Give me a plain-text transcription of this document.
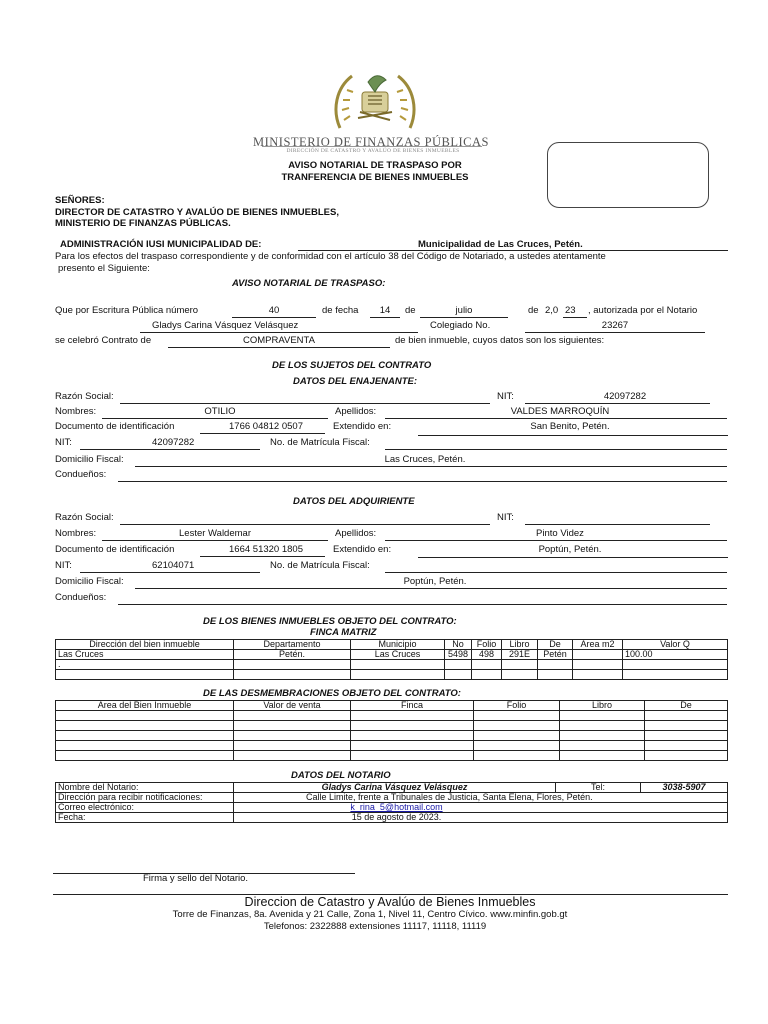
MINISTERIO DE FINANZAS PÚBLICAS
DIRECCIÓN DE CATASTRO Y AVALÚO DE BIENES INMUEBLES
AVISO NOTARIAL DE TRASPASO POR
TRANFERENCIA DE BIENES INMUEBLES
SEÑORES:
DIRECTOR DE CATASTRO Y AVALÚO DE BIENES INMUEBLES,
MINISTERIO DE FINANZAS PÚBLICAS.
ADMINISTRACIÓN IUSI MUNICIPALIDAD DE:	Municipalidad de Las Cruces, Petén.
Para los efectos del traspaso correspondiente y de conformidad con el artículo 38 del Código de Notariado, a ustedes atentamente
presento el Siguiente:
AVISO NOTARIAL DE TRASPASO:
Que por Escritura Pública número	40	de fecha	14	de	julio	de 2,0 23 , autorizada por el Notario
Gladys Carina Vásquez Velásquez	Colegiado No.	23267
se celebró Contrato de	COMPRAVENTA	de bien inmueble, cuyos datos son los siguientes:
DE LOS SUJETOS DEL CONTRATO
DATOS DEL ENAJENANTE:
Razón Social:	NIT:	42097282
Nombres:	OTILIO	Apellidos:	VALDES MARROQUÍN
Documento de identificación	1766 04812 0507	Extendido en:	San Benito, Petén.
NIT:	42097282	No. de Matrícula Fiscal:
Domicilio Fiscal:	Las Cruces, Petén.
Condueños:
DATOS DEL ADQUIRIENTE
Razón Social:	NIT:
Nombres:	Lester Waldemar	Apellidos:	Pinto Videz
Documento de identificación	1664 51320 1805	Extendido en:	Poptún, Petén.
NIT:	62104071	No. de Matrícula Fiscal:
Domicilio Fiscal:	Poptún, Petén.
Condueños:
DE LOS BIENES INMUEBLES OBJETO DEL CONTRATO:
FINCA MATRIZ
Dirección del bien inmueble	Departamento	Municipio	No	Folio	Libro	De	Area m2	Valor Q
Las Cruces	Petén.	Las Cruces	5498	498	291E	Petén		100.00
.								

DE LAS DESMEMBRACIONES OBJETO DEL CONTRATO:
Area del Bien Inmueble	Valor de venta	Finca	Folio	Libro	De

DATOS DEL NOTARIO
Nombre del Notario:	Gladys Carina Vásquez Velásquez	Tel:	3038-5907
Dirección para recibir notificaciones:	Calle Limite, frente a Tribunales de Justicia, Santa Elena, Flores, Petén.		
Correo electrónico:	k_rina_5@hotmail.com		
Fecha:	15 de agosto de 2023.		
Firma y sello del Notario.
Direccion de Catastro y Avalúo de Bienes Inmuebles
Torre de Finanzas, 8a. Avenida y 21 Calle, Zona 1, Nivel 11, Centro Cívico. www.minfin.gob.gt
Telefonos: 2322888 extensiones 11117, 11118, 11119
